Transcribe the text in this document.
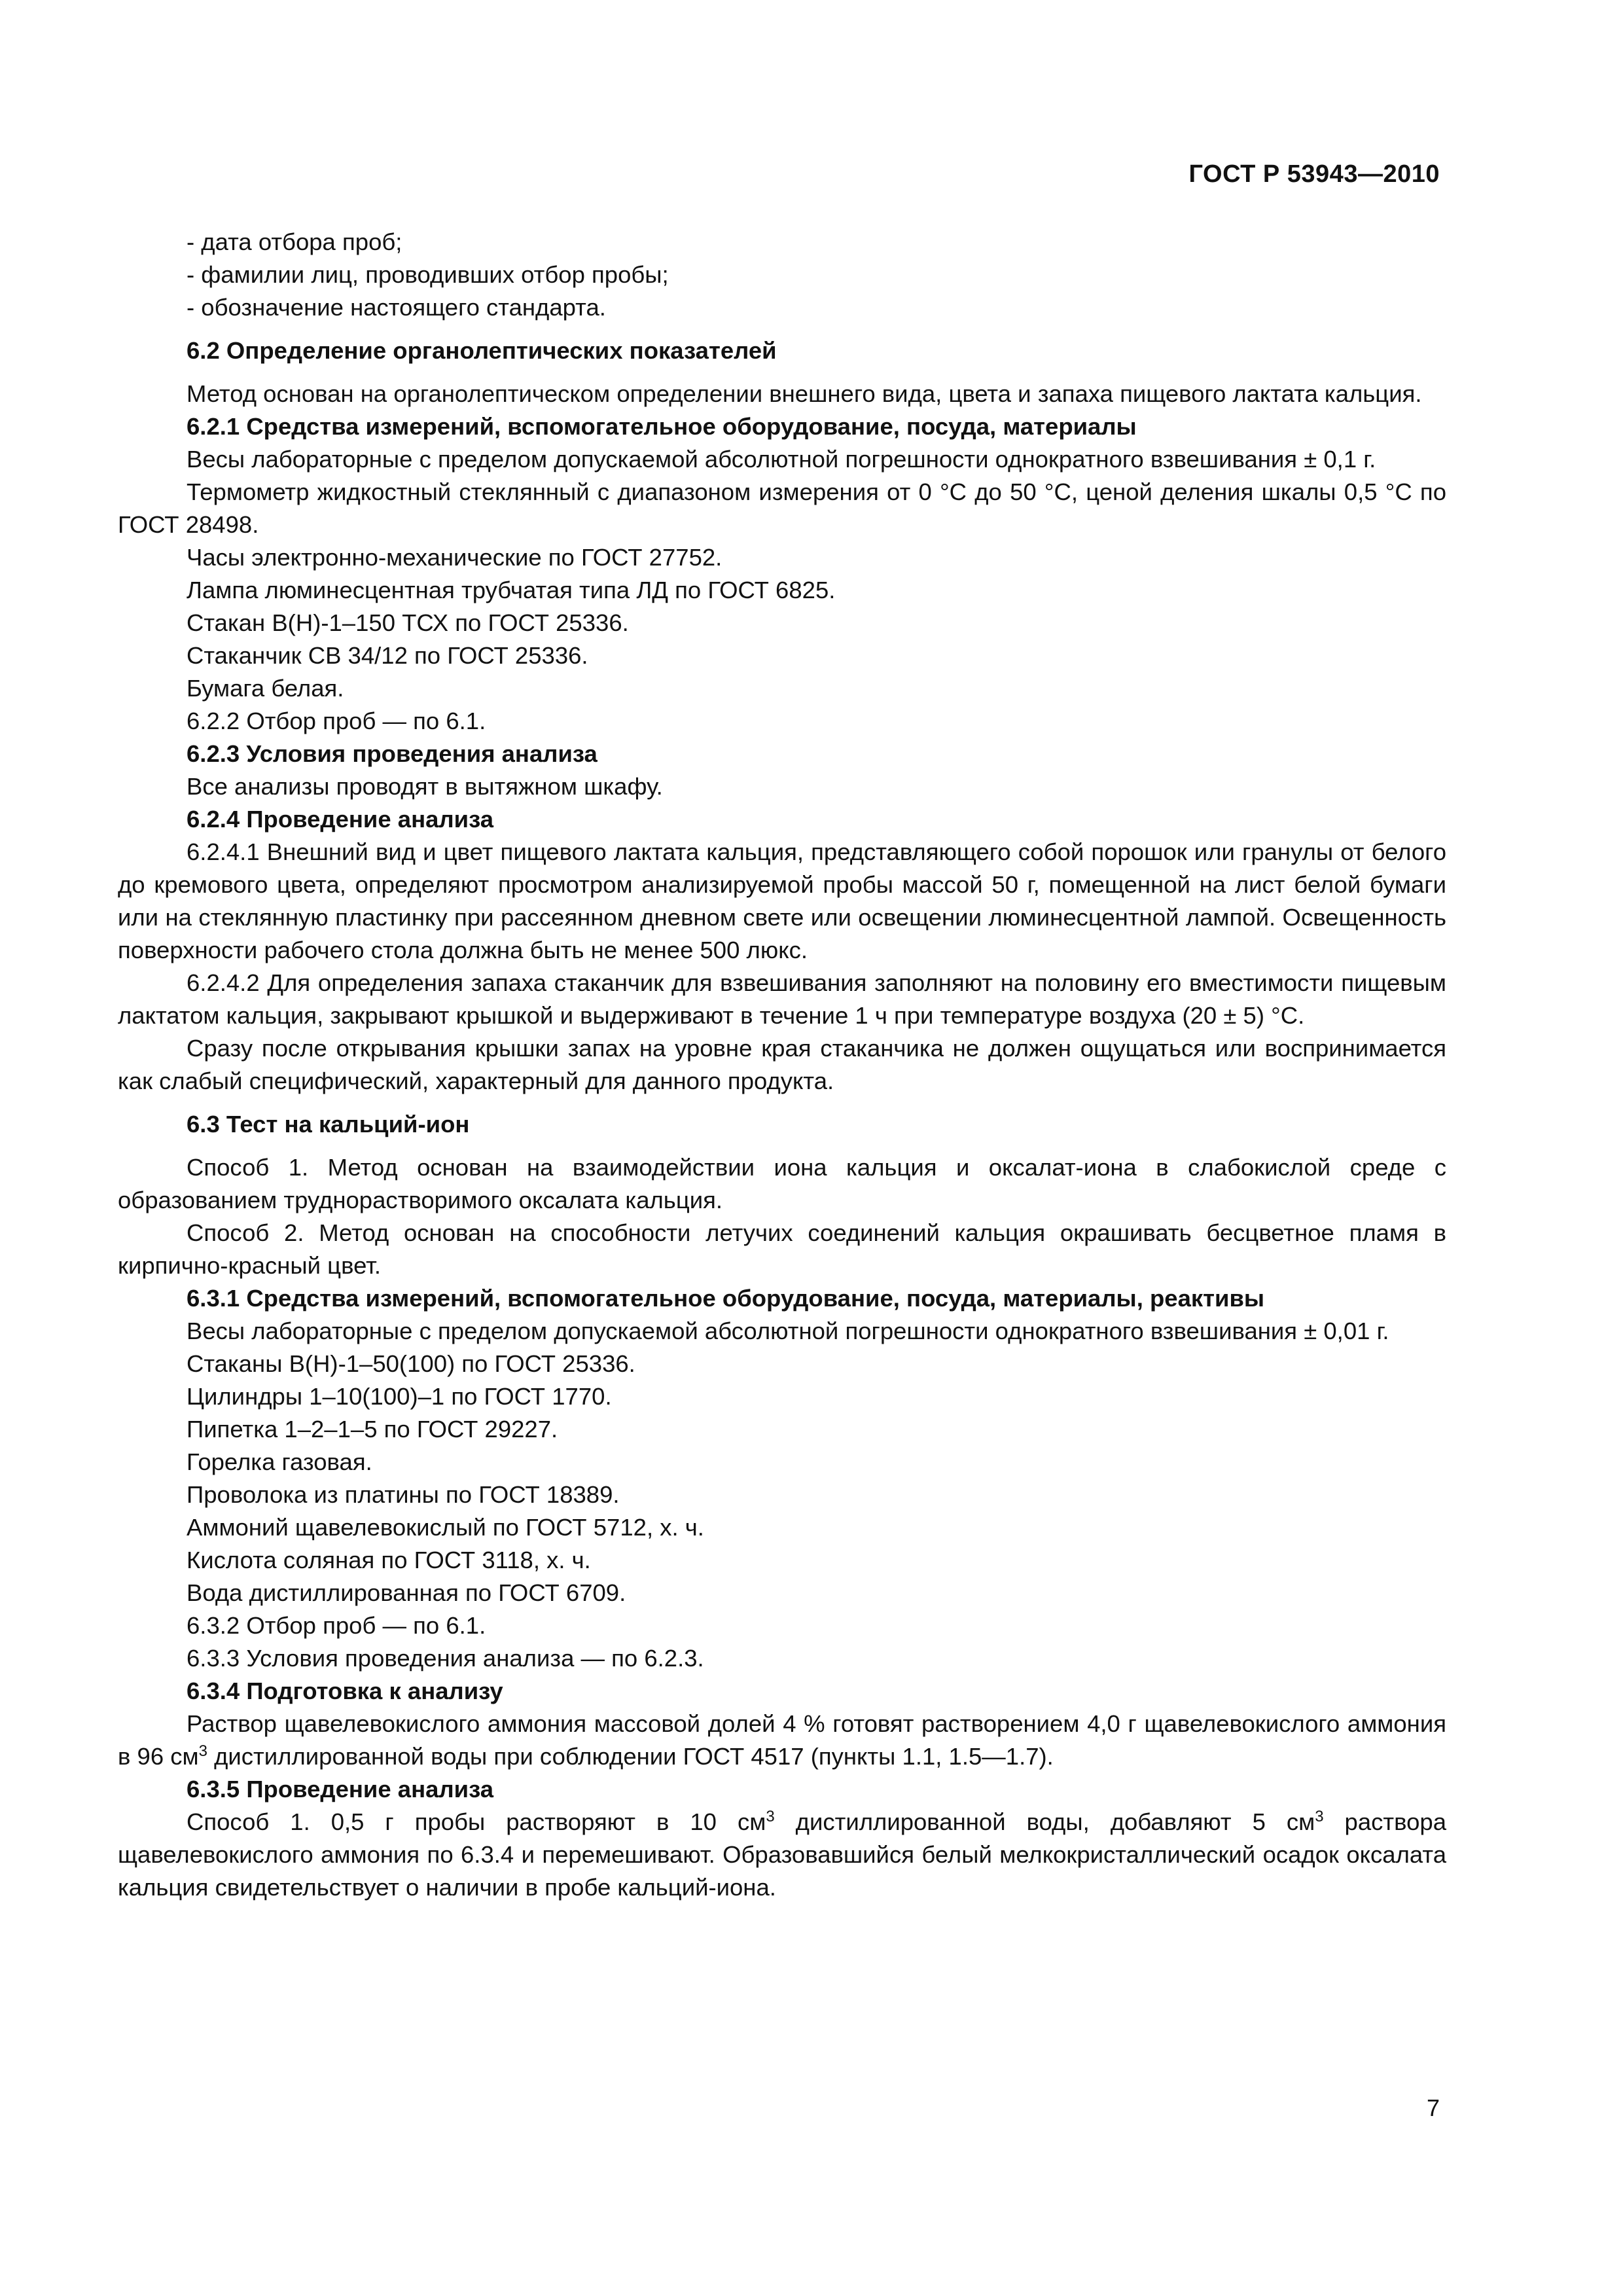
ГОСТ Р 53943—2010

- дата отбора проб;

- фамилии лиц, проводивших отбор пробы;

- обозначение настоящего стандарта.

6.2 Определение органолептических показателей

Метод основан на органолептическом определении внешнего вида, цвета и запаха пищевого лактата кальция.

6.2.1 Средства измерений, вспомогательное оборудование, посуда, материалы

Весы лабораторные с пределом допускаемой абсолютной погрешности однократного взвешивания ± 0,1 г.

Термометр жидкостный стеклянный с диапазоном измерения от 0 °С до 50 °С, ценой деления шкалы 0,5 °С по ГОСТ 28498.

Часы электронно-механические по ГОСТ 27752.

Лампа люминесцентная трубчатая типа ЛД по ГОСТ 6825.

Стакан В(Н)-1–150 ТСХ по ГОСТ 25336.

Стаканчик СВ 34/12 по ГОСТ 25336.

Бумага белая.

6.2.2 Отбор проб — по 6.1.

6.2.3 Условия проведения анализа

Все анализы проводят в вытяжном шкафу.

6.2.4 Проведение анализа

6.2.4.1 Внешний вид и цвет пищевого лактата кальция, представляющего собой порошок или гранулы от белого до кремового цвета, определяют просмотром анализируемой пробы массой 50 г, помещенной на лист белой бумаги или на стеклянную пластинку при рассеянном дневном свете или освещении люминесцентной лампой. Освещенность поверхности рабочего стола должна быть не менее 500 люкс.

6.2.4.2 Для определения запаха стаканчик для взвешивания заполняют на половину его вместимости пищевым лактатом кальция, закрывают крышкой и выдерживают в течение 1 ч при температуре воздуха (20 ± 5) °С.

Сразу после открывания крышки запах на уровне края стаканчика не должен ощущаться или воспринимается как слабый специфический, характерный для данного продукта.

6.3 Тест на кальций-ион

Способ 1. Метод основан на взаимодействии иона кальция и оксалат-иона в слабокислой среде с образованием труднорастворимого оксалата кальция.

Способ 2. Метод основан на способности летучих соединений кальция окрашивать бесцветное пламя в кирпично-красный цвет.

6.3.1 Средства измерений, вспомогательное оборудование, посуда, материалы, реактивы

Весы лабораторные с пределом допускаемой абсолютной погрешности однократного взвешивания ± 0,01 г.

Стаканы В(Н)-1–50(100) по ГОСТ 25336.

Цилиндры 1–10(100)–1 по ГОСТ 1770.

Пипетка 1–2–1–5 по ГОСТ 29227.

Горелка газовая.

Проволока из платины по ГОСТ 18389.

Аммоний щавелевокислый по ГОСТ 5712, х. ч.

Кислота соляная по ГОСТ 3118, х. ч.

Вода дистиллированная по ГОСТ 6709.

6.3.2 Отбор проб — по 6.1.

6.3.3 Условия проведения анализа — по 6.2.3.

6.3.4 Подготовка к анализу

Раствор щавелевокислого аммония массовой долей 4 % готовят растворением 4,0 г щавелевокислого аммония в 96 $см^3$ дистиллированной воды при соблюдении ГОСТ 4517 (пункты 1.1, 1.5—1.7).

6.3.5 Проведение анализа

Способ 1. 0,5 г пробы растворяют в 10 $см^3$ дистиллированной воды, добавляют 5 $см^3$ раствора щавелевокислого аммония по 6.3.4 и перемешивают. Образовавшийся белый мелкокристаллический осадок оксалата кальция свидетельствует о наличии в пробе кальций-иона.

7
